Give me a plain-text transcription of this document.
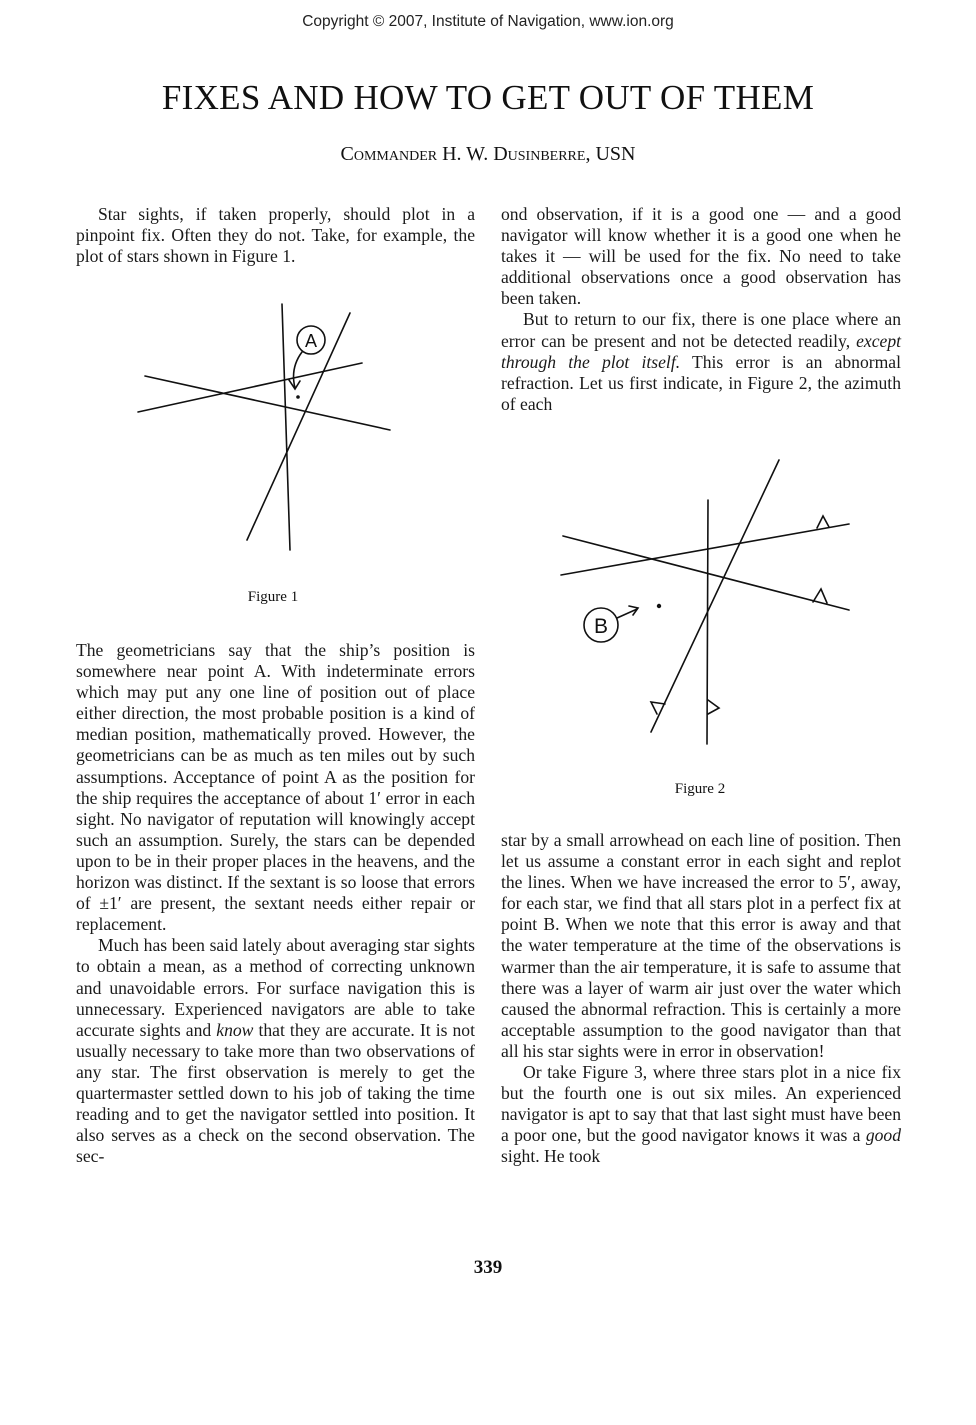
Copyright © 2007, Institute of Navigation, www.ion.org
FIXES AND HOW TO GET OUT OF THEM
Commander H. W. Dusinberre, USN

Star sights, if taken properly, should plot in a pinpoint fix. Often they do not. Take, for example, the plot of stars shown in Figure 1.

A
Figure 1

The geometricians say that the ship’s position is somewhere near point A. With indeterminate errors which may put any one line of position out of place either direction, the most probable position is a kind of median position, mathematically proved. However, the geometricians can be as much as ten miles out by such assumptions. Acceptance of point A as the position for the ship requires the acceptance of about 1′ error in each sight. No navigator of reputation will knowingly accept such an assumption. Surely, the stars can be depended upon to be in their proper places in the heavens, and the horizon was distinct. If the sextant is so loose that errors of ±1′ are present, the sextant needs either repair or replacement.

Much has been said lately about averaging star sights to obtain a mean, as a method of correcting unknown and unavoidable errors. For surface navigation this is unnecessary. Experienced navigators are able to take accurate sights and know that they are accurate. It is not usually necessary to take more than two observations of any star. The first observation is merely to get the quartermaster settled down to his job of taking the time reading and to get the navigator settled into position. It also serves as a check on the second observation. The sec-

ond observation, if it is a good one — and a good navigator will know whether it is a good one when he takes it — will be used for the fix. No need to take additional observations once a good observation has been taken.

But to return to our fix, there is one place where an error can be present and not be detected readily, except through the plot itself. This error is an abnormal refraction. Let us first indicate, in Figure 2, the azimuth of each

B
Figure 2

star by a small arrowhead on each line of position. Then let us assume a constant error in each sight and replot the lines. When we have increased the error to 5′, away, for each star, we find that all stars plot in a perfect fix at point B. When we note that this error is away and that the water temperature at the time of the observations is warmer than the air temperature, it is safe to assume that there was a layer of warm air just over the water which caused the abnormal refraction. This is certainly a more acceptable assumption to the good navigator than that all his star sights were in error in observation!

Or take Figure 3, where three stars plot in a nice fix but the fourth one is out six miles. An experienced navigator is apt to say that that last sight must have been a poor one, but the good navigator knows it was a good sight. He took

339
